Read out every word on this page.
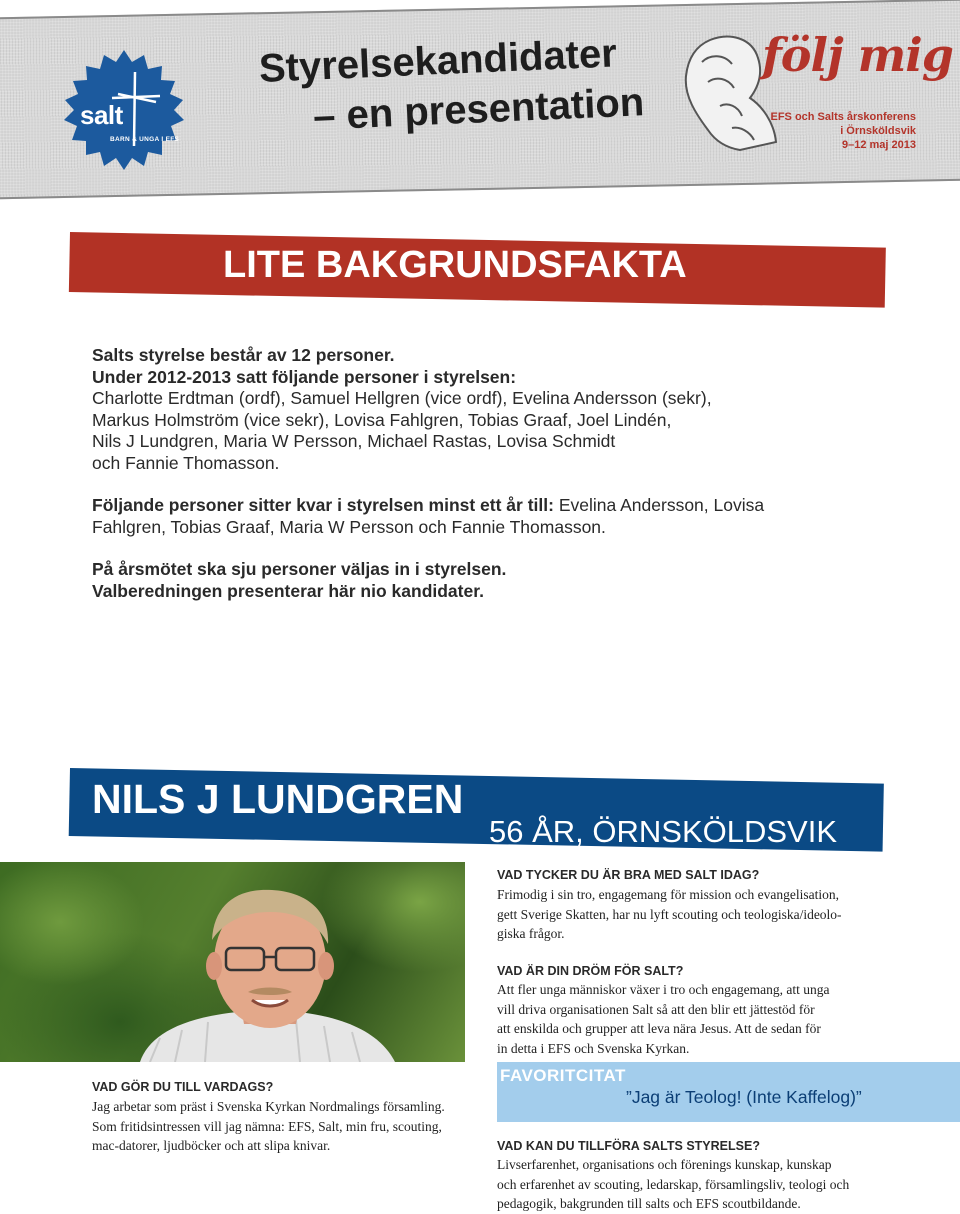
salt
BARN & UNGA I EFS
Styrelsekandidater
– en presentation
följ mig
EFS och Salts årskonferens
i Örnsköldsvik
9–12 maj 2013
LITE BAKGRUNDSFAKTA

Salts styrelse består av 12 personer.

Under 2012-2013 satt följande personer i styrelsen:

Charlotte Erdtman (ordf), Samuel Hellgren (vice ordf), Evelina Andersson (sekr),

Markus Holmström (vice sekr), Lovisa Fahlgren, Tobias Graaf, Joel Lindén,

Nils J Lundgren, Maria W Persson, Michael Rastas, Lovisa Schmidt

och Fannie Thomasson.

Följande personer sitter kvar i styrelsen minst ett år till: Evelina Andersson, Lovisa

Fahlgren, Tobias Graaf, Maria W Persson och Fannie Thomasson.

På årsmötet ska sju personer väljas in i styrelsen.

Valberedningen presenterar här nio kandidater.

NILS J LUNDGREN
56 ÅR, ÖRNSKÖLDSVIK
VAD TYCKER DU ÄR BRA MED SALT IDAG?
Frimodig i sin tro, engagemang för mission och evangelisation,
gett Sverige Skatten, har nu lyft scouting och teologiska/ideolo-
giska frågor.
VAD ÄR DIN DRÖM FÖR SALT?
Att fler unga människor växer i tro och engagemang, att unga
vill driva organisationen Salt så att den blir ett jättestöd för
att enskilda och grupper att leva nära Jesus. Att de sedan för
in detta i EFS och Svenska Kyrkan.
FAVORITCITAT
”Jag är Teolog! (Inte Kaffelog)”
VAD GÖR DU TILL VARDAGS?
Jag arbetar som präst i Svenska Kyrkan Nordmalings församling.
Som fritidsintressen vill jag nämna: EFS, Salt, min fru, scouting,
mac-datorer, ljudböcker och att slipa knivar.	VAD KAN DU TILLFÖRA SALTS STYRELSE?
Livserfarenhet, organisations och förenings kunskap, kunskap
och erfarenhet av scouting, ledarskap, församlingsliv, teologi och
pedagogik, bakgrunden till salts och EFS scoutbildande.
